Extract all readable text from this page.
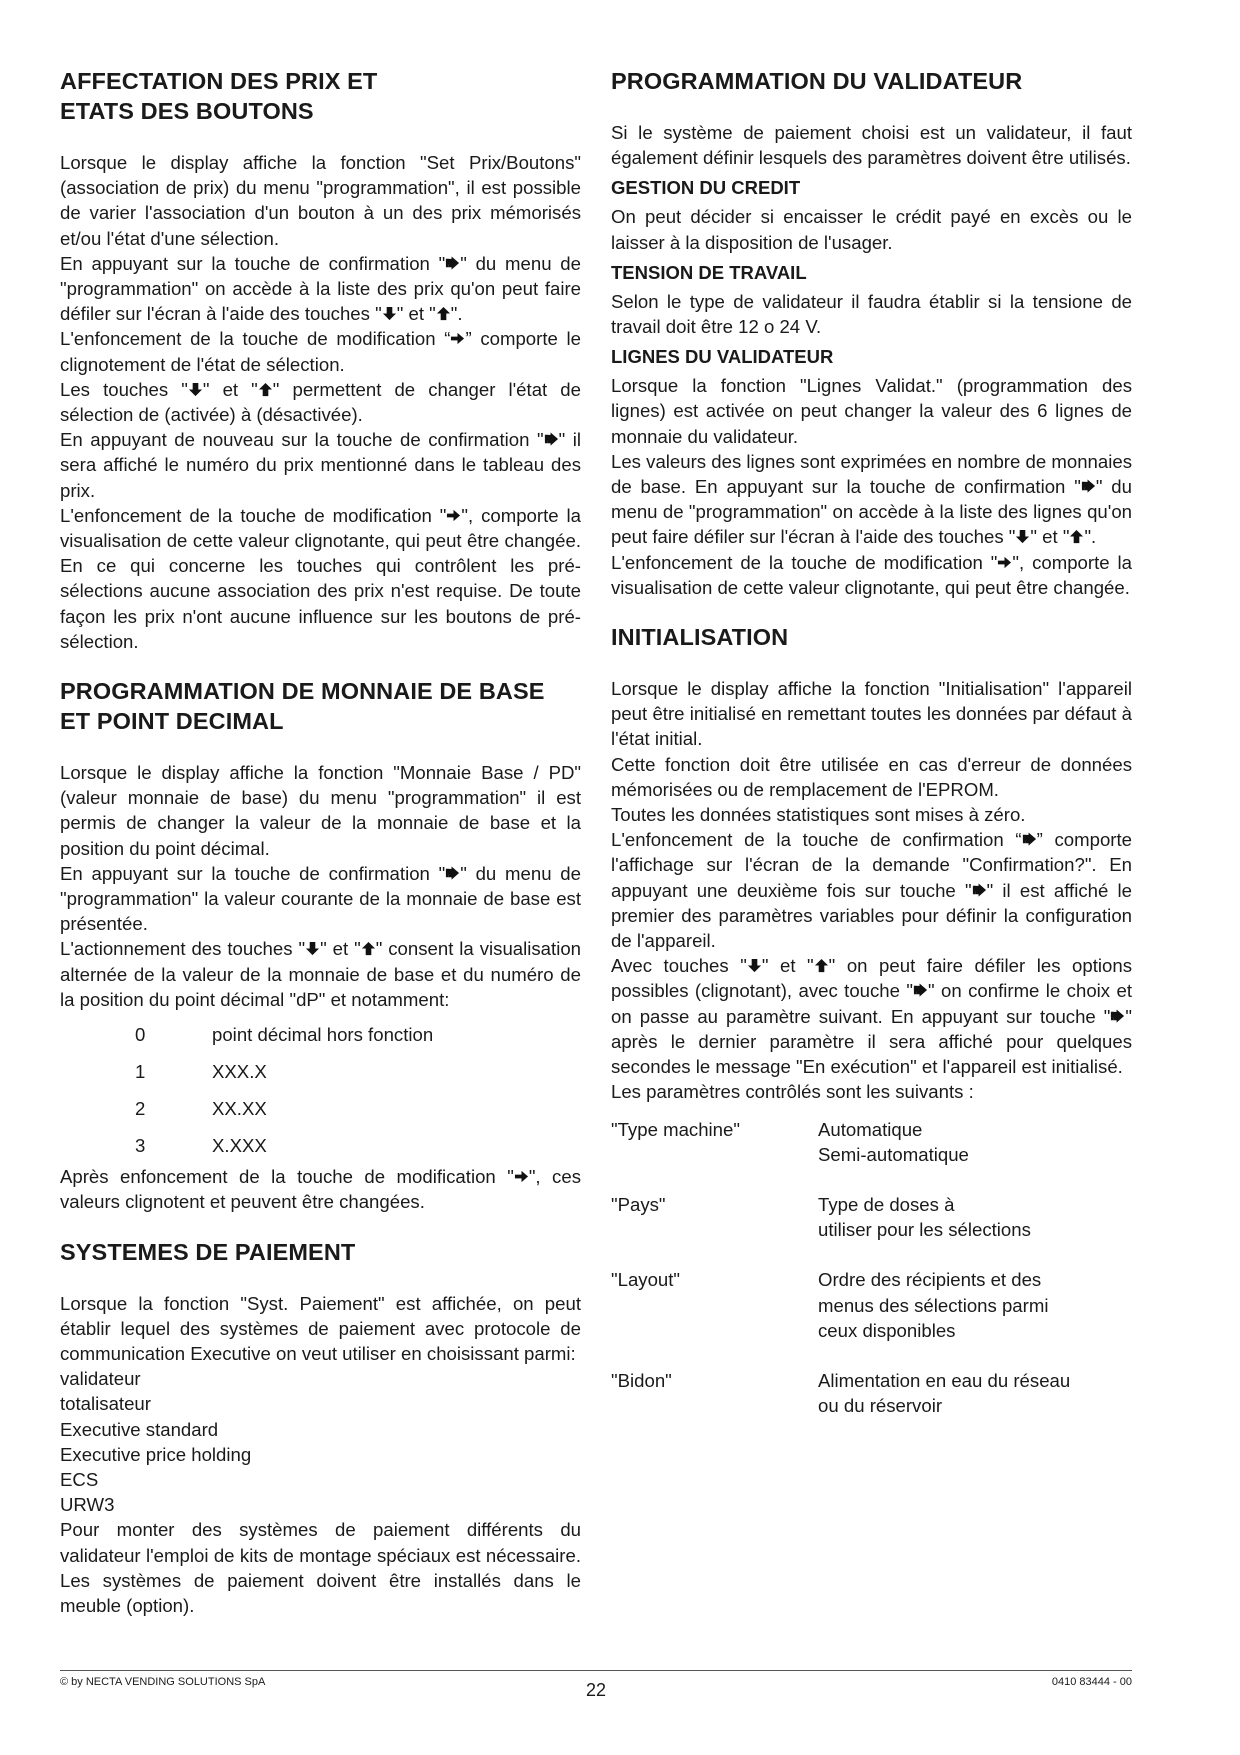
AFFECTATION DES PRIX ET
ETATS DES BOUTONS

Lorsque le display affiche la fonction "Set Prix/Boutons" (association de prix) du menu "programmation", il est possible de varier l'association d'un bouton à un des prix mémorisés et/ou l'état d'une sélection.

En appuyant sur la touche de confirmation " " du menu de "programmation" on accède à la liste des prix qu'on peut faire défiler sur l'écran à l'aide des touches " " et " ".

L'enfoncement de la touche de modification “ ” comporte le clignotement de l'état de sélection.

Les touches " " et " " permettent de changer l'état de sélection de (activée) à (désactivée).

En appuyant de nouveau sur la touche de confirmation " " il sera affiché le numéro du prix mentionné dans le tableau des prix.

L'enfoncement de la touche de modification " ", comporte la visualisation de cette valeur clignotante, qui peut être changée. En ce qui concerne les touches qui contrôlent les pré-sélections aucune association des prix n'est requise. De toute façon les prix n'ont aucune influence sur les boutons de pré-sélection.

PROGRAMMATION DE MONNAIE DE BASE
ET POINT DECIMAL

Lorsque le display affiche la fonction "Monnaie Base / PD" (valeur monnaie de base) du menu "programmation" il est permis de changer la valeur de la monnaie de base et la position du point décimal.

En appuyant sur la touche de confirmation " " du menu de "programmation" la valeur courante de la monnaie de base est présentée.

L'actionnement des touches " " et " " consent la visualisation alternée de la valeur de la monnaie de base et du numéro de la position du point décimal "dP" et notamment:

0	point décimal hors fonction
1	XXX.X
2	XX.XX
3	X.XXX

Après enfoncement de la touche de modification " ", ces valeurs clignotent et peuvent être changées.

SYSTEMES DE PAIEMENT

Lorsque la fonction "Syst. Paiement" est affichée, on peut établir lequel des systèmes de paiement avec protocole de communication Executive on veut utiliser en choisissant parmi:

validateur
totalisateur
Executive standard
Executive price holding
ECS
URW3

Pour monter des systèmes de paiement différents du validateur l'emploi de kits de montage spéciaux est nécessaire. Les systèmes de paiement doivent être installés dans le meuble (option).

PROGRAMMATION DU VALIDATEUR

Si le système de paiement choisi est un validateur, il faut également définir lesquels des paramètres doivent être utilisés.

GESTION DU CREDIT

On peut décider si encaisser le crédit payé en excès ou le laisser à la disposition de l'usager.

TENSION DE TRAVAIL

Selon le type de validateur il faudra établir si la tensione de travail doit être 12 o 24 V.

LIGNES DU VALIDATEUR

Lorsque la fonction "Lignes Validat." (programmation des lignes) est activée on peut changer la valeur des 6 lignes de monnaie du validateur.

Les valeurs des lignes sont exprimées en nombre de monnaies de base. En appuyant sur la touche de confirmation " " du menu de "programmation" on accède à la liste des lignes qu'on peut faire défiler sur l'écran à l'aide des touches " " et " ".

L'enfoncement de la touche de modification " ", comporte la visualisation de cette valeur clignotante, qui peut être changée.

INITIALISATION

Lorsque le display affiche la fonction "Initialisation" l'appareil peut être initialisé en remettant toutes les données par défaut à l'état initial.

Cette fonction doit être utilisée en cas d'erreur de données mémorisées ou de remplacement de l'EPROM.

Toutes les données statistiques sont mises à zéro.

L'enfoncement de la touche de confirmation “ ” comporte l'affichage sur l'écran de la demande "Confirmation?". En appuyant une deuxième fois sur touche " " il est affiché le premier des paramètres variables pour définir la configuration de l'appareil.

Avec touches " " et " " on peut faire défiler les options possibles (clignotant), avec touche " " on confirme le choix et on passe au paramètre suivant. En appuyant sur touche " " après le dernier paramètre il sera affiché pour quelques secondes le message "En exécution" et l'appareil est initialisé.

Les paramètres contrôlés sont les suivants :

"Type machine"	Automatique
Semi-automatique
"Pays"	Type de doses à
utiliser pour les sélections
"Layout"	Ordre des récipients et des
menus des sélections parmi
ceux disponibles
"Bidon"	Alimentation en eau du réseau
ou du réservoir
© by NECTA VENDING SOLUTIONS SpA	22	0410 83444 - 00
